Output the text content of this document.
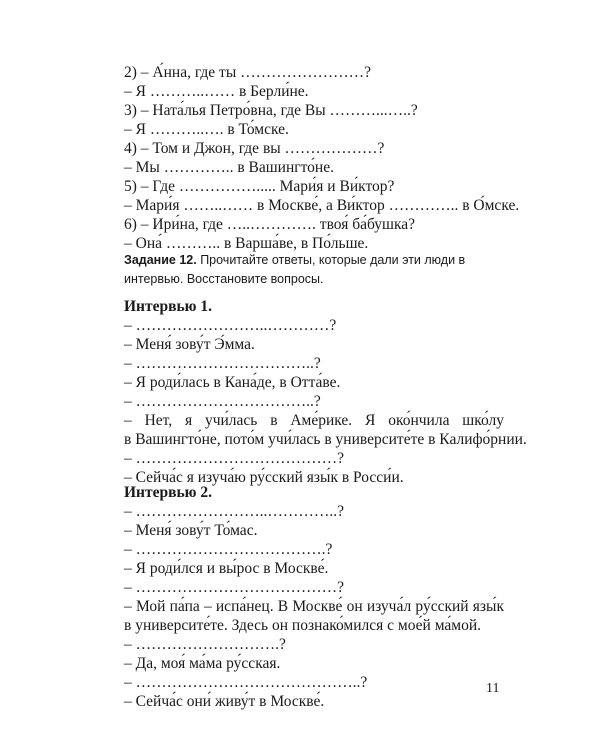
2) – А́нна, где ты ……………………?
– Я ………..…… в Берли́не.
3) – Ната́лья Петро́вна, где Вы ………...…..?
– Я ………..…. в То́мске.
4) – Том и Джон, где вы ………………?
– Мы ………….. в Вашингто́не.
5) – Где ……………..... Мари́я и Ви́ктор?
– Мари́я ……..…… в Москве́, а Ви́ктор ………….. в О́мске.
6) – Ири́на, где …..…………. твоя́ ба́бушка?
– Она́ ……….. в Варша́ве, в По́льше.
Задание 12. Прочитайте ответы, которые дали эти люди в интервью. Восстановите вопросы.
Интервью 1.
– ……………………..…………?
– Меня́ зову́т Э́мма.
– ……………………………..?
– Я роди́лась в Кана́де, в Отта́ве.
– ……………………………..?
– Нет, я учи́лась в Аме́рике. Я око́нчила шко́лу
в Вашингто́не, пото́м учи́лась в университе́те в Калифо́рнии.
– …………………………………?
– Сейча́с я изуча́ю ру́сский язы́к в Росси́и.
Интервью 2.
– ……………………..…………..?
– Меня́ зову́т То́мас.
– ……………………………….?
– Я роди́лся и вы́рос в Москве́.
– …………………………………?
– Мой па́па – испа́нец. В Москве́ он изуча́л ру́сский язы́к
в университе́те. Здесь он познако́мился с мое́й ма́мой.
– ……………………….?
– Да, моя́ ма́ма ру́сская.
– ……………………………………..?
– Сейча́с они́ живу́т в Москве́.
11
